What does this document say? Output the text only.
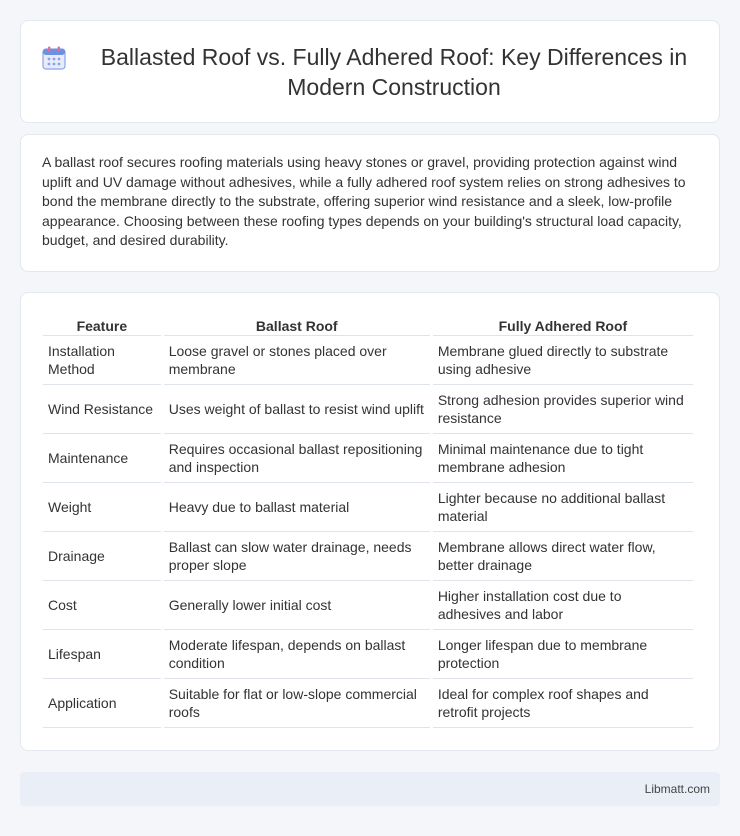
Ballasted Roof vs. Fully Adhered Roof: Key Differences in Modern Construction

A ballast roof secures roofing materials using heavy stones or gravel, providing protection against wind uplift and UV damage without adhesives, while a fully adhered roof system relies on strong adhesives to bond the membrane directly to the substrate, offering superior wind resistance and a sleek, low-profile appearance. Choosing between these roofing types depends on your building's structural load capacity, budget, and desired durability.

Feature	Ballast Roof	Fully Adhered Roof
Installation Method	Loose gravel or stones placed over membrane	Membrane glued directly to substrate using adhesive
Wind Resistance	Uses weight of ballast to resist wind uplift	Strong adhesion provides superior wind resistance
Maintenance	Requires occasional ballast repositioning and inspection	Minimal maintenance due to tight membrane adhesion
Weight	Heavy due to ballast material	Lighter because no additional ballast material
Drainage	Ballast can slow water drainage, needs proper slope	Membrane allows direct water flow, better drainage
Cost	Generally lower initial cost	Higher installation cost due to adhesives and labor
Lifespan	Moderate lifespan, depends on ballast condition	Longer lifespan due to membrane protection
Application	Suitable for flat or low-slope commercial roofs	Ideal for complex roof shapes and retrofit projects
Libmatt.com
